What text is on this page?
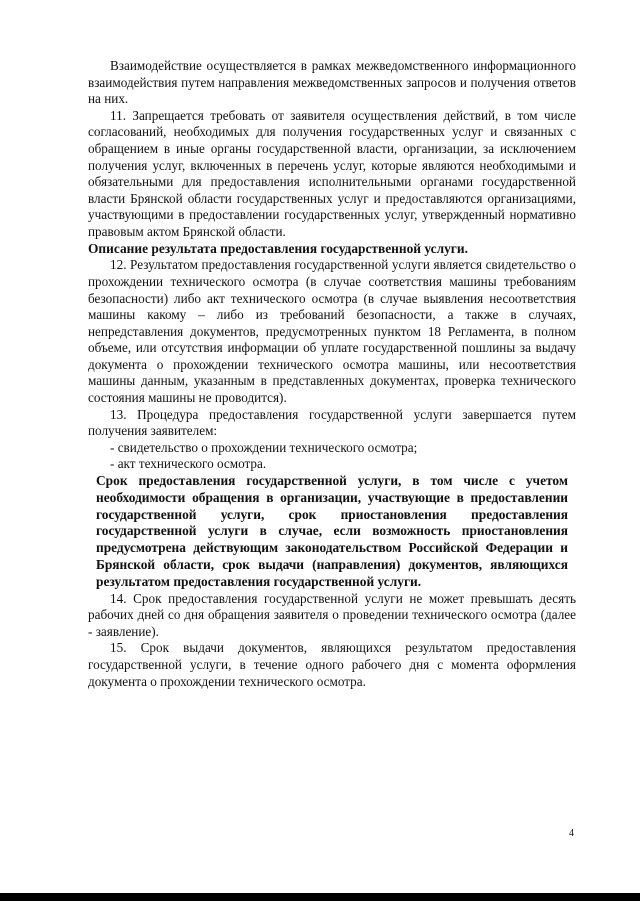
Взаимодействие осуществляется в рамках межведомственного информационного взаимодействия путем направления межведомственных запросов и получения ответов на них.

11. Запрещается требовать от заявителя осуществления действий, в том числе согласований, необходимых для получения государственных услуг и связанных с обращением в иные органы государственной власти, организации, за исключением получения услуг, включенных в перечень услуг, которые являются необходимыми и обязательными для предоставления исполнительными органами государственной власти Брянской области государственных услуг и предоставляются организациями, участвующими в предоставлении государственных услуг, утвержденный нормативно правовым актом Брянской области.

Описание результата предоставления государственной услуги.

12. Результатом предоставления государственной услуги является свидетельство о прохождении технического осмотра (в случае соответствия машины требованиям безопасности) либо акт технического осмотра (в случае выявления несоответствия машины какому – либо из требований безопасности, а также в случаях, непредставления документов, предусмотренных пунктом 18 Регламента, в полном объеме, или отсутствия информации об уплате государственной пошлины за выдачу документа о прохождении технического осмотра машины, или несоответствия машины данным, указанным в представленных документах, проверка технического состояния машины не проводится).

13. Процедура предоставления государственной услуги завершается путем получения заявителем:

- свидетельство о прохождении технического осмотра;

- акт технического осмотра.

Срок предоставления государственной услуги, в том числе с учетом необходимости обращения в организации, участвующие в предоставлении государственной услуги, срок приостановления предоставления государственной услуги в случае, если возможность приостановления предусмотрена действующим законодательством Российской Федерации и Брянской области, срок выдачи (направления) документов, являющихся результатом предоставления государственной услуги.

14. Срок предоставления государственной услуги не может превышать десять рабочих дней со дня обращения заявителя о проведении технического осмотра (далее - заявление).

15. Срок выдачи документов, являющихся результатом предоставления государственной услуги, в течение одного рабочего дня с момента оформления документа о прохождении технического осмотра.

4
